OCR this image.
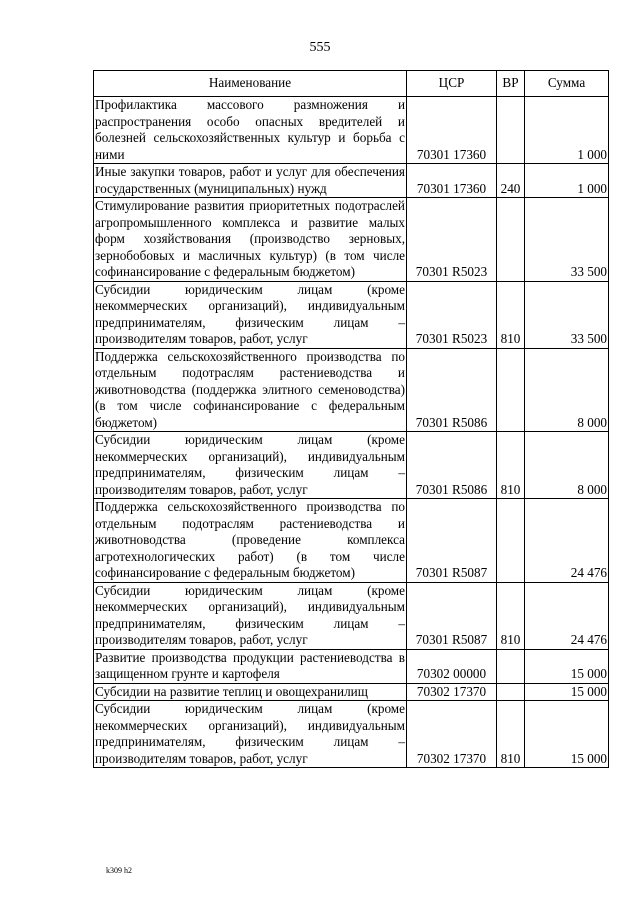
555
Наименование	ЦСР	ВР	Сумма
Профилактика массового размножения и распространения особо опасных вредителей и болезней сельскохозяйственных культур и борьба с ними	70301 17360		1 000
Иные закупки товаров, работ и услуг для обеспечения государственных (муниципальных) нужд	70301 17360	240	1 000
Стимулирование развития приоритетных подотраслей агропромышленного комплекса и развитие малых форм хозяйствования (производство зерновых, зернобобовых и масличных культур) (в том числе софинансирование с федеральным бюджетом)	70301 R5023		33 500
Субсидии юридическим лицам (кроме некоммерческих организаций), индивидуальным предпринимателям, физическим лицам – производителям товаров, работ, услуг	70301 R5023	810	33 500
Поддержка сельскохозяйственного производства по отдельным подотраслям растениеводства и животноводства (поддержка элитного семеноводства) (в том числе софинансирование с федеральным бюджетом)	70301 R5086		8 000
Субсидии юридическим лицам (кроме некоммерческих организаций), индивидуальным предпринимателям, физическим лицам – производителям товаров, работ, услуг	70301 R5086	810	8 000
Поддержка сельскохозяйственного производства по отдельным подотраслям растениеводства и животноводства (проведение комплекса агротехнологических работ) (в том числе софинансирование с федеральным бюджетом)	70301 R5087		24 476
Субсидии юридическим лицам (кроме некоммерческих организаций), индивидуальным предпринимателям, физическим лицам – производителям товаров, работ, услуг	70301 R5087	810	24 476
Развитие производства продукции растениеводства в защищенном грунте и картофеля	70302 00000		15 000
Субсидии на развитие теплиц и овощехранилищ	70302 17370		15 000
Субсидии юридическим лицам (кроме некоммерческих организаций), индивидуальным предпринимателям, физическим лицам – производителям товаров, работ, услуг	70302 17370	810	15 000
k309 h2
